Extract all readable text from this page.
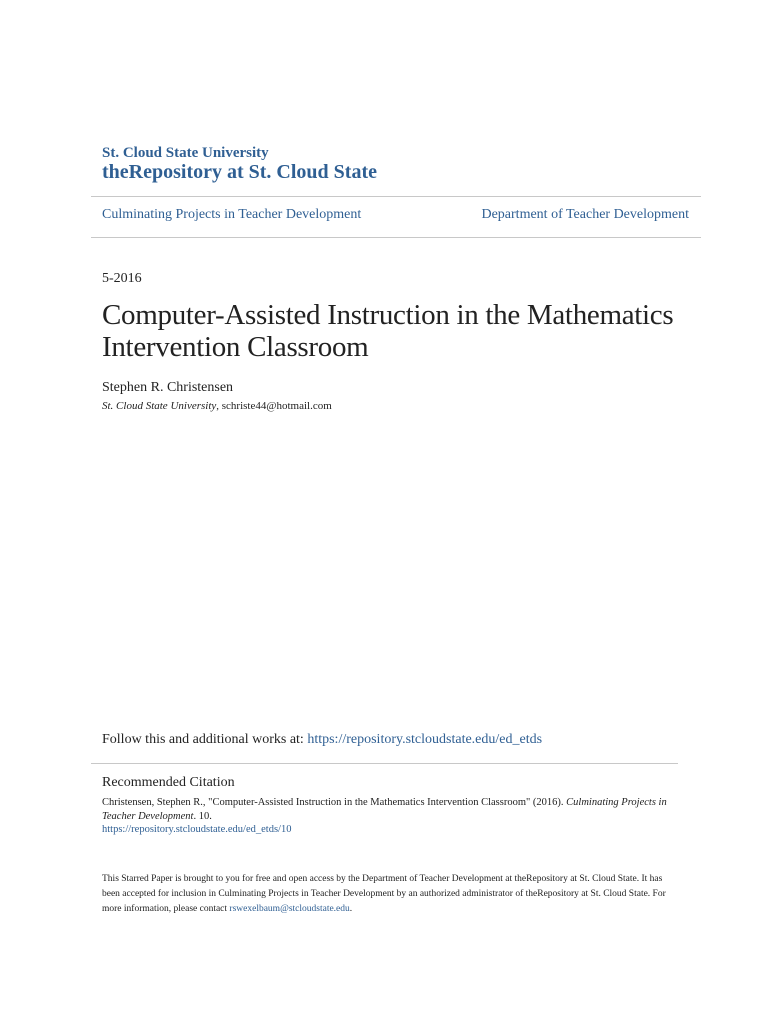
St. Cloud State University
theRepository at St. Cloud State
Culminating Projects in Teacher Development	Department of Teacher Development
5-2016
Computer-Assisted Instruction in the Mathematics Intervention Classroom
Stephen R. Christensen
St. Cloud State University, schriste44@hotmail.com
Follow this and additional works at: https://repository.stcloudstate.edu/ed_etds
Recommended Citation
Christensen, Stephen R., "Computer-Assisted Instruction in the Mathematics Intervention Classroom" (2016). Culminating Projects in Teacher Development. 10.
https://repository.stcloudstate.edu/ed_etds/10
This Starred Paper is brought to you for free and open access by the Department of Teacher Development at theRepository at St. Cloud State. It has been accepted for inclusion in Culminating Projects in Teacher Development by an authorized administrator of theRepository at St. Cloud State. For more information, please contact rswexelbaum@stcloudstate.edu.
